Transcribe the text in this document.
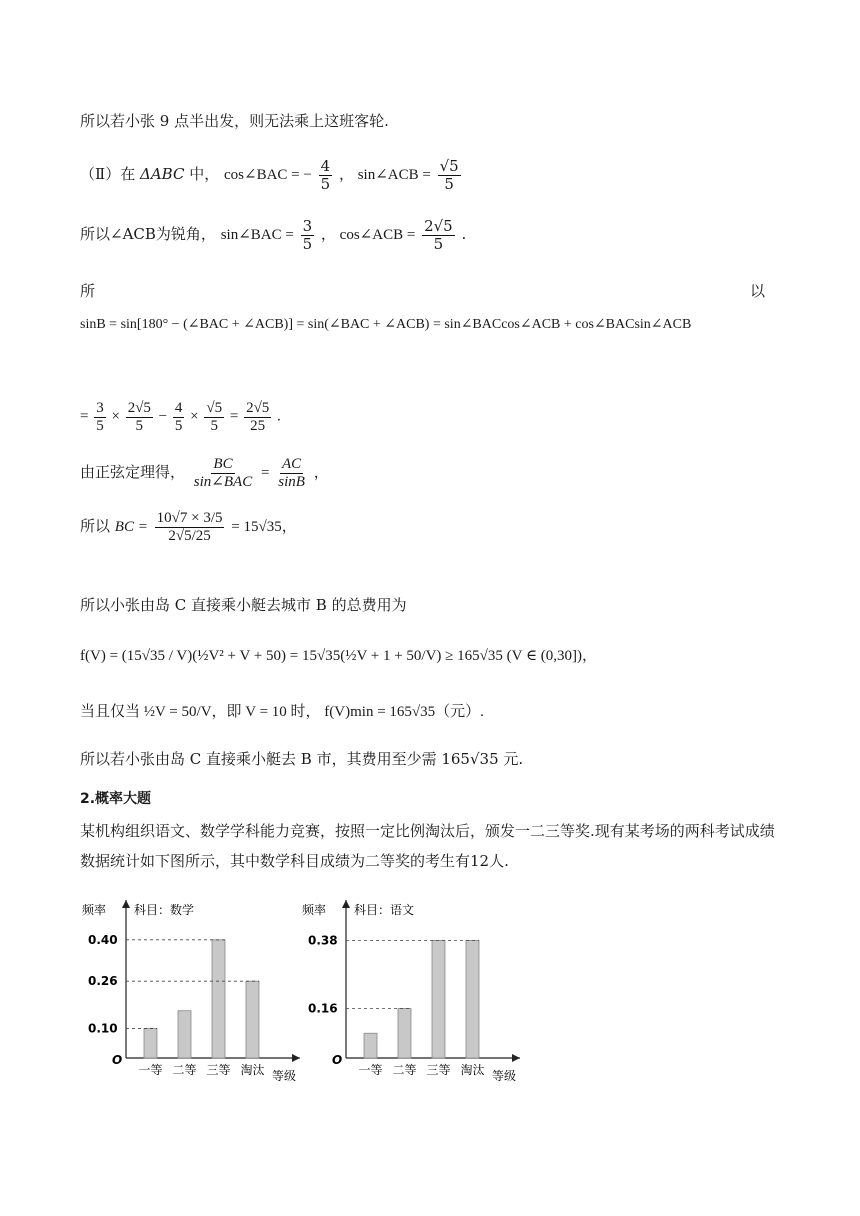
所以若小张 9 点半出发，则无法乘上这班客轮.
（Ⅱ）在 ΔABC 中， cos∠BAC = − $\frac{4}{5}$ ， sin∠ACB = $\frac{√5}{5}$
所以∠ACB为锐角， sin∠BAC = $\frac{3}{5}$ ， cos∠ACB = $\frac{2√5}{5}$ .
所	以
sinB = sin[180° − (∠BAC + ∠ACB)] = sin(∠BAC + ∠ACB) = sin∠BACcos∠ACB + cos∠BACsin∠ACB
= $\frac{3}{5} \times \frac{2√5}{5} - \frac{4}{5} \times \frac{√5}{5} = \frac{2√5}{25}$ .
由正弦定理得， $\frac{BC}{\text{sin∠BAC}} = \frac{AC}{\sin B}$ ，
所以 BC = $\frac{10√7 \times 3/5}{2√5/25} = 15√35$，
所以小张由岛 C 直接乘小艇去城市 B 的总费用为
f(V) = (15√35 / V)(½V² + V + 50) = 15√35(½V + 1 + 50/V) ≥ 165√35 (V ∈ (0,30])，
当且仅当 ½V = 50/V，即 V = 10 时， f(V)min = 165√35（元）.
所以若小张由岛 C 直接乘小艇去 B 市，其费用至少需 165√35 元.
2.概率大题
某机构组织语文、数学学科能力竞赛，按照一定比例淘汰后，颁发一二三等奖.现有某考场的两科考试成绩
数据统计如下图所示，其中数学科目成绩为二等奖的考生有12人.
频率 科目：数学
O
等级
一等 二等 三等 淘汰
0.40
0.26
0.10
频率 科目：语文
O
等级
一等 二等 三等 淘汰
0.38
0.16
